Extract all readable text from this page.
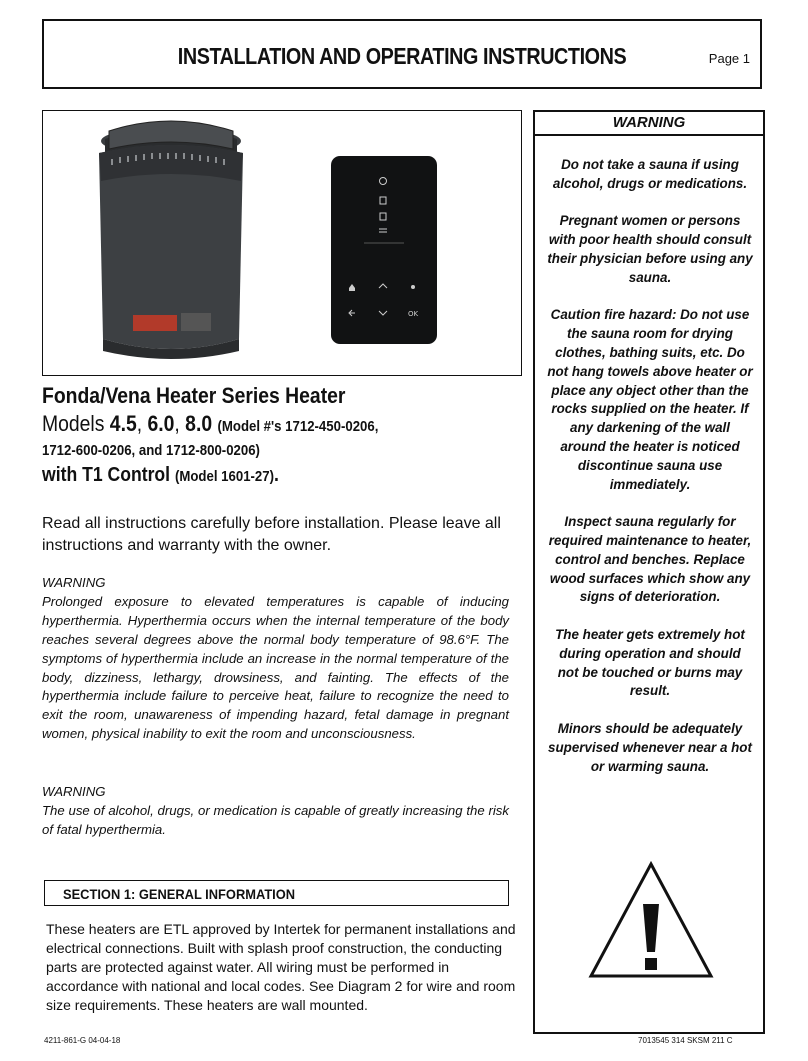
INSTALLATION AND OPERATING INSTRUCTIONS	Page 1
OK
Fonda/Vena Heater Series Heater
Models 4.5, 6.0, 8.0 (Model #'s 1712-450-0206,
1712-600-0206, and 1712-800-0206)
with T1 Control (Model 1601-27).
Read all instructions carefully before installation. Please leave all instructions and warranty with the owner.
WARNING
Prolonged exposure to elevated temperatures is capable of inducing hyperthermia. Hyperthermia occurs when the internal temperature of the body reaches several degrees above the normal body temperature of 98.6°F. The symptoms of hyperthermia include an increase in the normal temperature of the body, dizziness, lethargy, drowsiness, and fainting. The effects of the hyperthermia include failure to perceive heat, failure to recognize the need to exit the room, unawareness of impending hazard, fetal damage in pregnant women, physical inability to exit the room and unconsciousness.
WARNING
The use of alcohol, drugs, or medication is capable of greatly increasing the risk of fatal hyperthermia.
SECTION 1: GENERAL INFORMATION
These heaters are ETL approved by Intertek for permanent installations and electrical connections. Built with splash proof construction, the conducting parts are protected against water. All wiring must be performed in accordance with national and local codes. See Diagram 2 for wire and room size requirements. These heaters are wall mounted.
WARNING

Do not take a sauna if using alcohol, drugs or medications.

Pregnant women or persons with poor health should consult their physician before using any sauna.

Caution fire hazard: Do not use the sauna room for drying clothes, bathing suits, etc. Do not hang towels above heater or place any object other than the rocks supplied on the heater. If any darkening of the wall around the heater is noticed discontinue sauna use immediately.

Inspect sauna regularly for required maintenance to heater, control and benches. Replace wood surfaces which show any signs of deterioration.

The heater gets extremely hot during operation and should not be touched or burns may result.

Minors should be adequately supervised whenever near a hot or warming sauna.

4211-861-G 04-04-18	7013545 314 SKSM 211 C
